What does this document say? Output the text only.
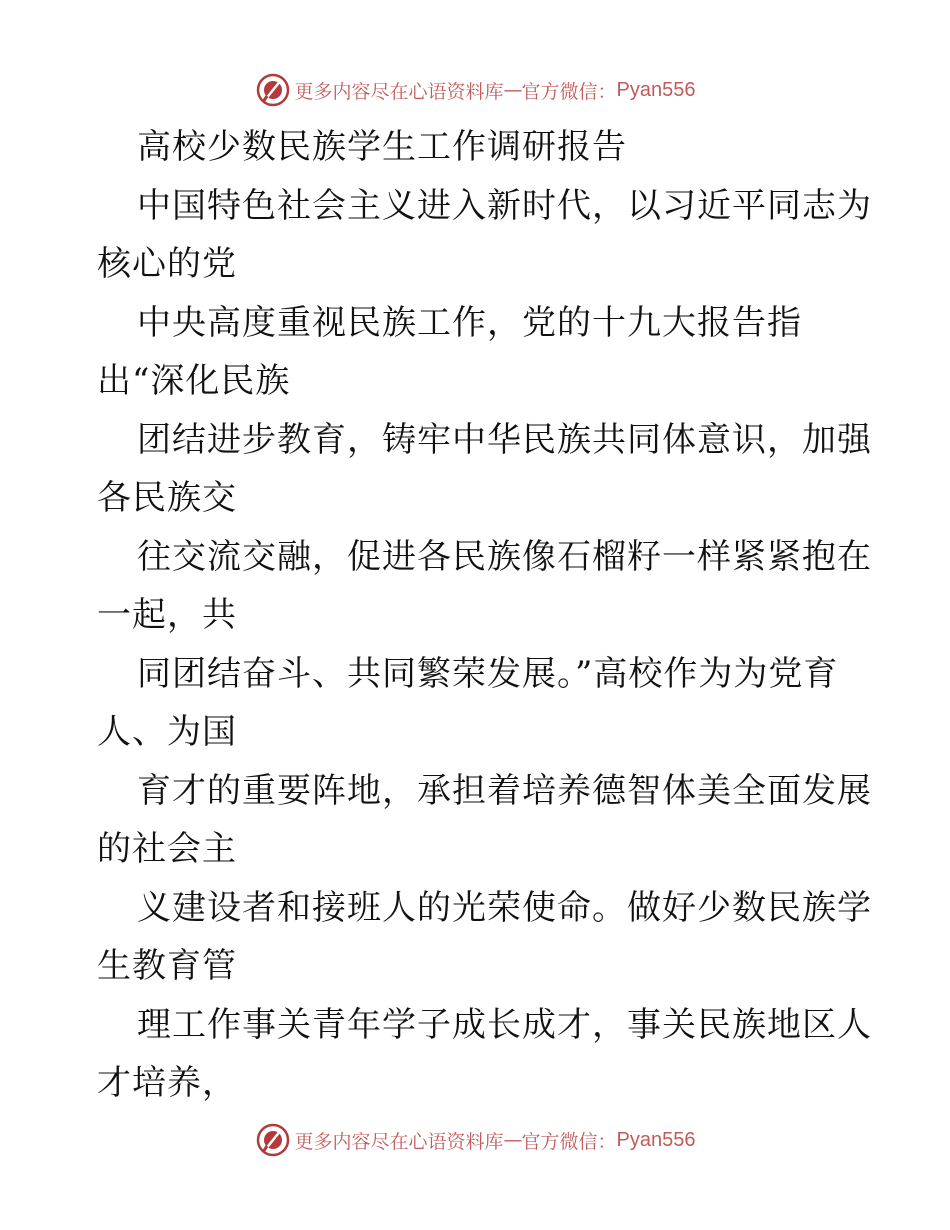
更多内容尽在心语资料库 — 官方微信： Pyan556
高校少数民族学生工作调研报告
中国特色社会主义进入新时代，以习近平同志为
核心的党
中央高度重视民族工作，党的十九大报告指
出“深化民族
团结进步教育，铸牢中华民族共同体意识，加强
各民族交
往交流交融，促进各民族像石榴籽一样紧紧抱在
一起，共
同团结奋斗、共同繁荣发展。”高校作为为党育
人、为国
育才的重要阵地，承担着培养德智体美全面发展
的社会主
义建设者和接班人的光荣使命。做好少数民族学
生教育管
理工作事关青年学子成长成才，事关民族地区人
才培养，
更多内容尽在心语资料库 — 官方微信： Pyan556
